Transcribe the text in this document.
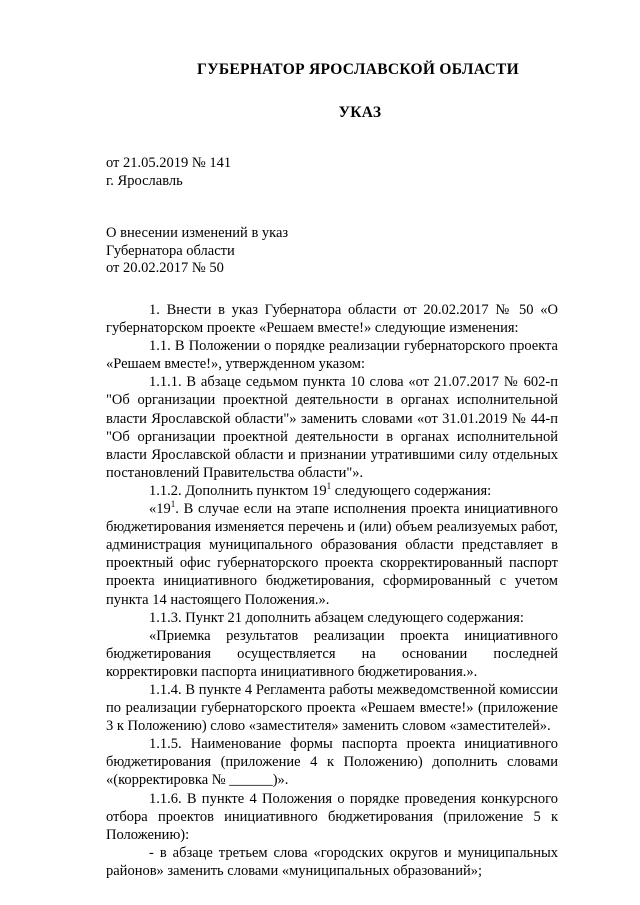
ГУБЕРНАТОР ЯРОСЛАВСКОЙ ОБЛАСТИ
УКАЗ
от 21.05.2019 № 141
г. Ярославль
О внесении изменений в указ
Губернатора области
от 20.02.2017 № 50

1. Внести в указ Губернатора области от 20.02.2017 № 50 «О губернаторском проекте «Решаем вместе!» следующие изменения:

1.1. В Положении о порядке реализации губернаторского проекта «Решаем вместе!», утвержденном указом:

1.1.1. В абзаце седьмом пункта 10 слова «от 21.07.2017 № 602-п "Об организации проектной деятельности в органах исполнительной власти Ярославской области"» заменить словами «от 31.01.2019 № 44-п "Об организации проектной деятельности в органах исполнительной власти Ярославской области и признании утратившими силу отдельных постановлений Правительства области"».

1.1.2. Дополнить пунктом $19^1$ следующего содержания:

«$19^1$. В случае если на этапе исполнения проекта инициативного бюджетирования изменяется перечень и (или) объем реализуемых работ, администрация муниципального образования области представляет в проектный офис губернаторского проекта скорректированный паспорт проекта инициативного бюджетирования, сформированный с учетом пункта 14 настоящего Положения.».

1.1.3. Пункт 21 дополнить абзацем следующего содержания:

«Приемка результатов реализации проекта инициативного бюджетирования осуществляется на основании последней корректировки паспорта инициативного бюджетирования.».

1.1.4. В пункте 4 Регламента работы межведомственной комиссии по реализации губернаторского проекта «Решаем вместе!» (приложение 3 к Положению) слово «заместителя» заменить словом «заместителей».

1.1.5. Наименование формы паспорта проекта инициативного бюджетирования (приложение 4 к Положению) дополнить словами «(корректировка № ______)».

1.1.6. В пункте 4 Положения о порядке проведения конкурсного отбора проектов инициативного бюджетирования (приложение 5 к Положению):

- в абзаце третьем слова «городских округов и муниципальных районов» заменить словами «муниципальных образований»;
